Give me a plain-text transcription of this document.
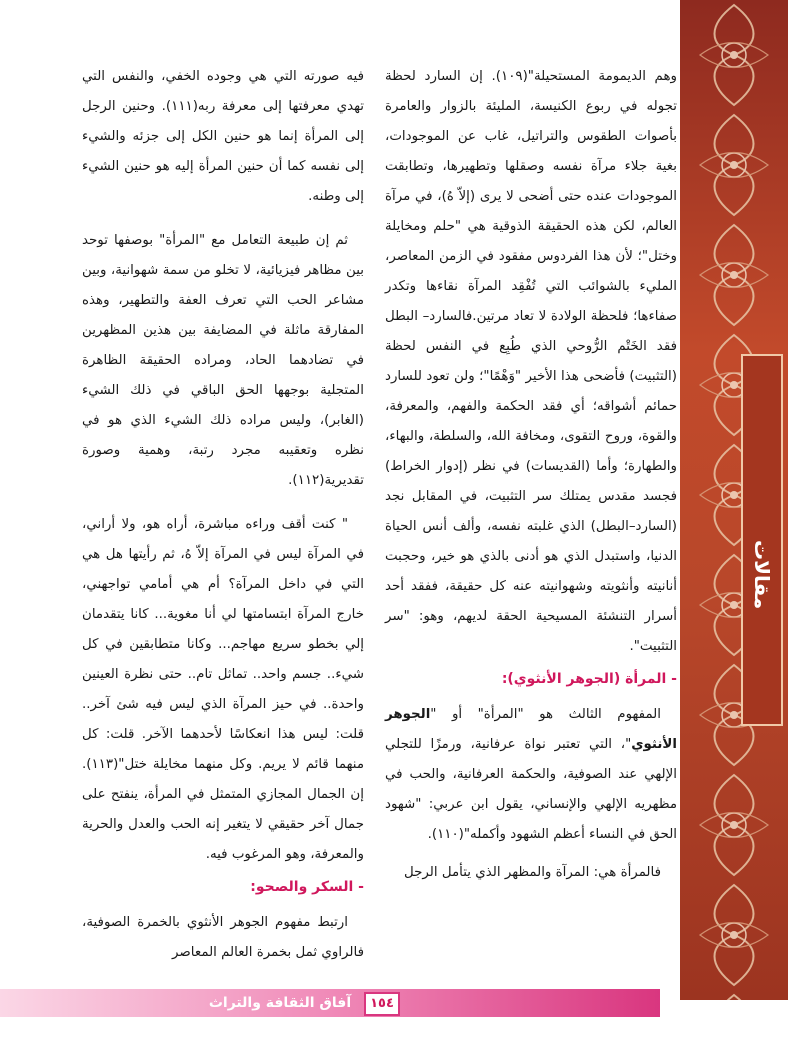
مقالات

وهم الديمومة المستحيلة"(١٠٩). إن السارد لحظة تجوله في ربوع الكنيسة، المليئة بالزوار والعامرة بأصوات الطقوس والتراتيل، غاب عن الموجودات، بغية جلاء مرآة نفسه وصقلها وتطهيرها، وتطابقت الموجودات عنده حتى أضحى لا يرى (إلاّ هُ)، في مرآة العالم، لكن هذه الحقيقة الذوقية هي "حلم ومخايلة وختل"؛ لأن هذا الفردوس مفقود في الزمن المعاصر، المليء بالشوائب التي تُفْقِد المرآة نقاءها وتكدر صفاءها؛ فلحظة الولادة لا تعاد مرتين.فالسارد– البطل فقد الخَتْم الرُّوحي الذي طُبِع في النفس لحظة (التثبيت) فأضحى هذا الأخير "وَهْمًا"؛ ولن تعود للسارد حمائم أشواقه؛ أي فقد الحكمة والفهم، والمعرفة، والقوة، وروح التقوى، ومخافة الله، والسلطة، والبهاء، والطهارة؛ وأما (القديسات) في نظر (إدوار الخراط) فجسد مقدس يمتلك سر التثبيت، في المقابل نجد (السارد–البطل) الذي غلبته نفسه، وألف أنس الحياة الدنيا، واستبدل الذي هو أدنى بالذي هو خير، وحجبت أنانيته وأنثويته وشهوانيته عنه كل حقيقة، ففقد أحد أسرار التنشئة المسيحية الحقة لديهم، وهو: "سر التثبيت".

- المرأة (الجوهر الأنثوي):

المفهوم الثالث هو "المرأة" أو "الجوهر الأنثوي"، التي تعتبر نواة عرفانية، ورمزًا للتجلي الإلهي عند الصوفية، والحكمة العرفانية، والحب في مظهريه الإلهي والإنساني، يقول ابن عربي: "شهود الحق في النساء أعظم الشهود وأكمله"(١١٠).

فالمرأة هي: المرآة والمظهر الذي يتأمل الرجل

فيه صورته التي هي وجوده الخفي، والنفس التي تهدي معرفتها إلى معرفة ربه(١١١). وحنين الرجل إلى المرأة إنما هو حنين الكل إلى جزئه والشيء إلى نفسه كما أن حنين المرأة إليه هو حنين الشيء إلى وطنه.

ثم إن طبيعة التعامل مع "المرأة" بوصفها توحد بين مظاهر فيزيائية، لا تخلو من سمة شهوانية، وبين مشاعر الحب التي تعرف العفة والتطهير، وهذه المفارقة ماثلة في المضايفة بين هذين المظهرين في تضادهما الحاد، ومراده الحقيقة الظاهرة المتجلية بوجهها الحق الباقي في ذلك الشيء (الغابر)، وليس مراده ذلك الشيء الذي هو في نظره وتعقيبه مجرد رتبة، وهمية وصورة تقديرية(١١٢).

" كنت أقف وراءه مباشرة، أراه هو، ولا أراني، في المرآة ليس في المرآة إلاّ هُ، ثم رأيتها هل هي التي في داخل المرآة؟ أم هي أمامي تواجهني، خارج المرآة ابتسامتها لي أنا مغوية... كانا يتقدمان إلي بخطو سريع مهاجم... وكانا متطابقين في كل شيء.. جسم واحد.. تماثل تام.. حتى نظرة العينين واحدة.. في حيز المرآة الذي ليس فيه شئ آخر.. قلت: ليس هذا انعكاسًا لأحدهما الآخر. قلت: كل منهما قائم لا يريم. وكل منهما مخايلة ختل"(١١٣). إن الجمال المجازي المتمثل في المرأة، ينفتح على جمال آخر حقيقي لا يتغير إنه الحب والعدل والحرية والمعرفة، وهو المرغوب فيه.

- السكر والصحو:

ارتبط مفهوم الجوهر الأنثوي بالخمرة الصوفية، فالراوي ثمل بخمرة العالم المعاصر

آفاق الثقافة والتراث	١٥٤
